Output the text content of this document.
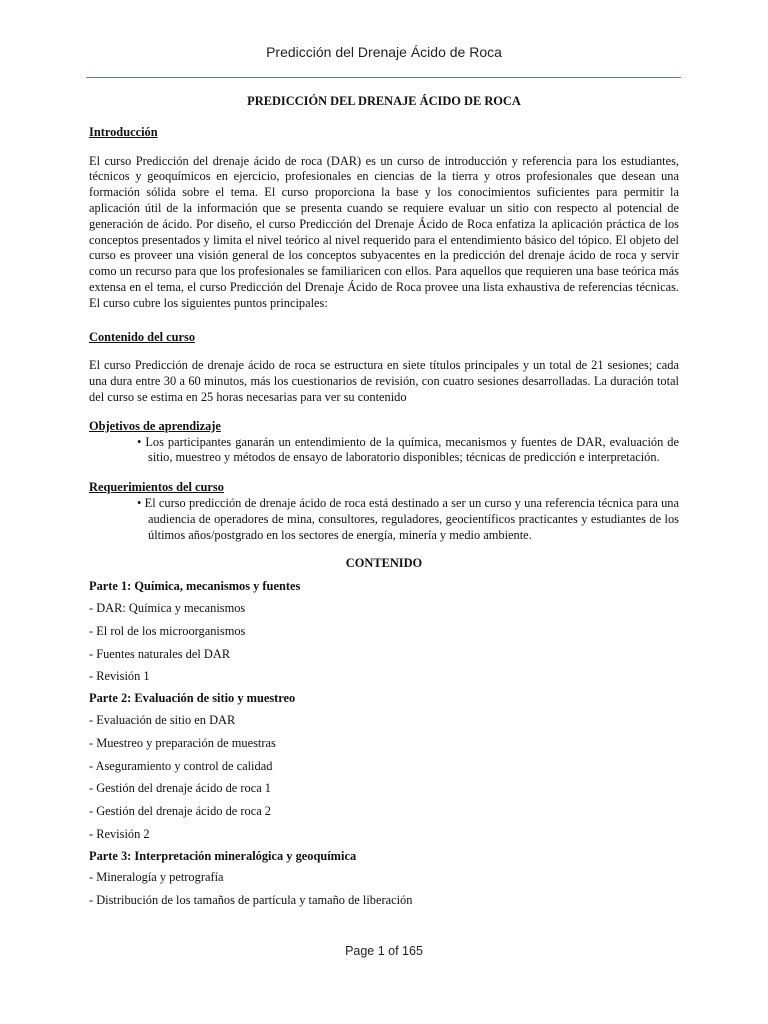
Predicción del Drenaje Ácido de Roca

PREDICCIÓN DEL DRENAJE ÁCIDO DE ROCA

Introducción

El curso Predicción del drenaje ácido de roca (DAR) es un curso de introducción y referencia para los estudiantes, técnicos y geoquímicos en ejercicio, profesionales en ciencias de la tierra y otros profesionales que desean una formación sólida sobre el tema. El curso proporciona la base y los conocimientos suficientes para permitir la aplicación útil de la información que se presenta cuando se requiere evaluar un sitio con respecto al potencial de generación de ácido. Por diseño, el curso Predicción del Drenaje Ácido de Roca enfatiza la aplicación práctica de los conceptos presentados y limita el nivel teórico al nivel requerido para el entendimiento básico del tópico. El objeto del curso es proveer una visión general de los conceptos subyacentes en la predicción del drenaje ácido de roca y servir como un recurso para que los profesionales se familiaricen con ellos. Para aquellos que requieren una base teórica más extensa en el tema, el curso Predicción del Drenaje Ácido de Roca provee una lista exhaustiva de referencias técnicas. El curso cubre los siguientes puntos principales:

Contenido del curso

El curso Predicción de drenaje ácido de roca se estructura en siete títulos principales y un total de 21 sesiones; cada una dura entre 30 a 60 minutos, más los cuestionarios de revisión, con cuatro sesiones desarrolladas. La duración total del curso se estima en 25 horas necesarias para ver su contenido

Objetivos de aprendizaje

• Los participantes ganarán un entendimiento de la química, mecanismos y fuentes de DAR, evaluación de sitio, muestreo y métodos de ensayo de laboratorio disponibles; técnicas de predicción e interpretación.

Requerimientos del curso

• El curso predicción de drenaje ácido de roca está destinado a ser un curso y una referencia técnica para una audiencia de operadores de mina, consultores, reguladores, geocientíficos practicantes y estudiantes de los últimos años/postgrado en los sectores de energía, minería y medio ambiente.

CONTENIDO

Parte 1: Química, mecanismos y fuentes

- DAR: Química y mecanismos

- El rol de los microorganismos

- Fuentes naturales del DAR

- Revisión 1

Parte 2: Evaluación de sitio y muestreo

- Evaluación de sitio en DAR

- Muestreo y preparación de muestras

- Aseguramiento y control de calidad

- Gestión del drenaje ácido de roca 1

- Gestión del drenaje ácido de roca 2

- Revisión 2

Parte 3: Interpretación mineralógica y geoquímica

- Mineralogía y petrografía

- Distribución de los tamaños de partícula y tamaño de liberación

Page 1 of 165
